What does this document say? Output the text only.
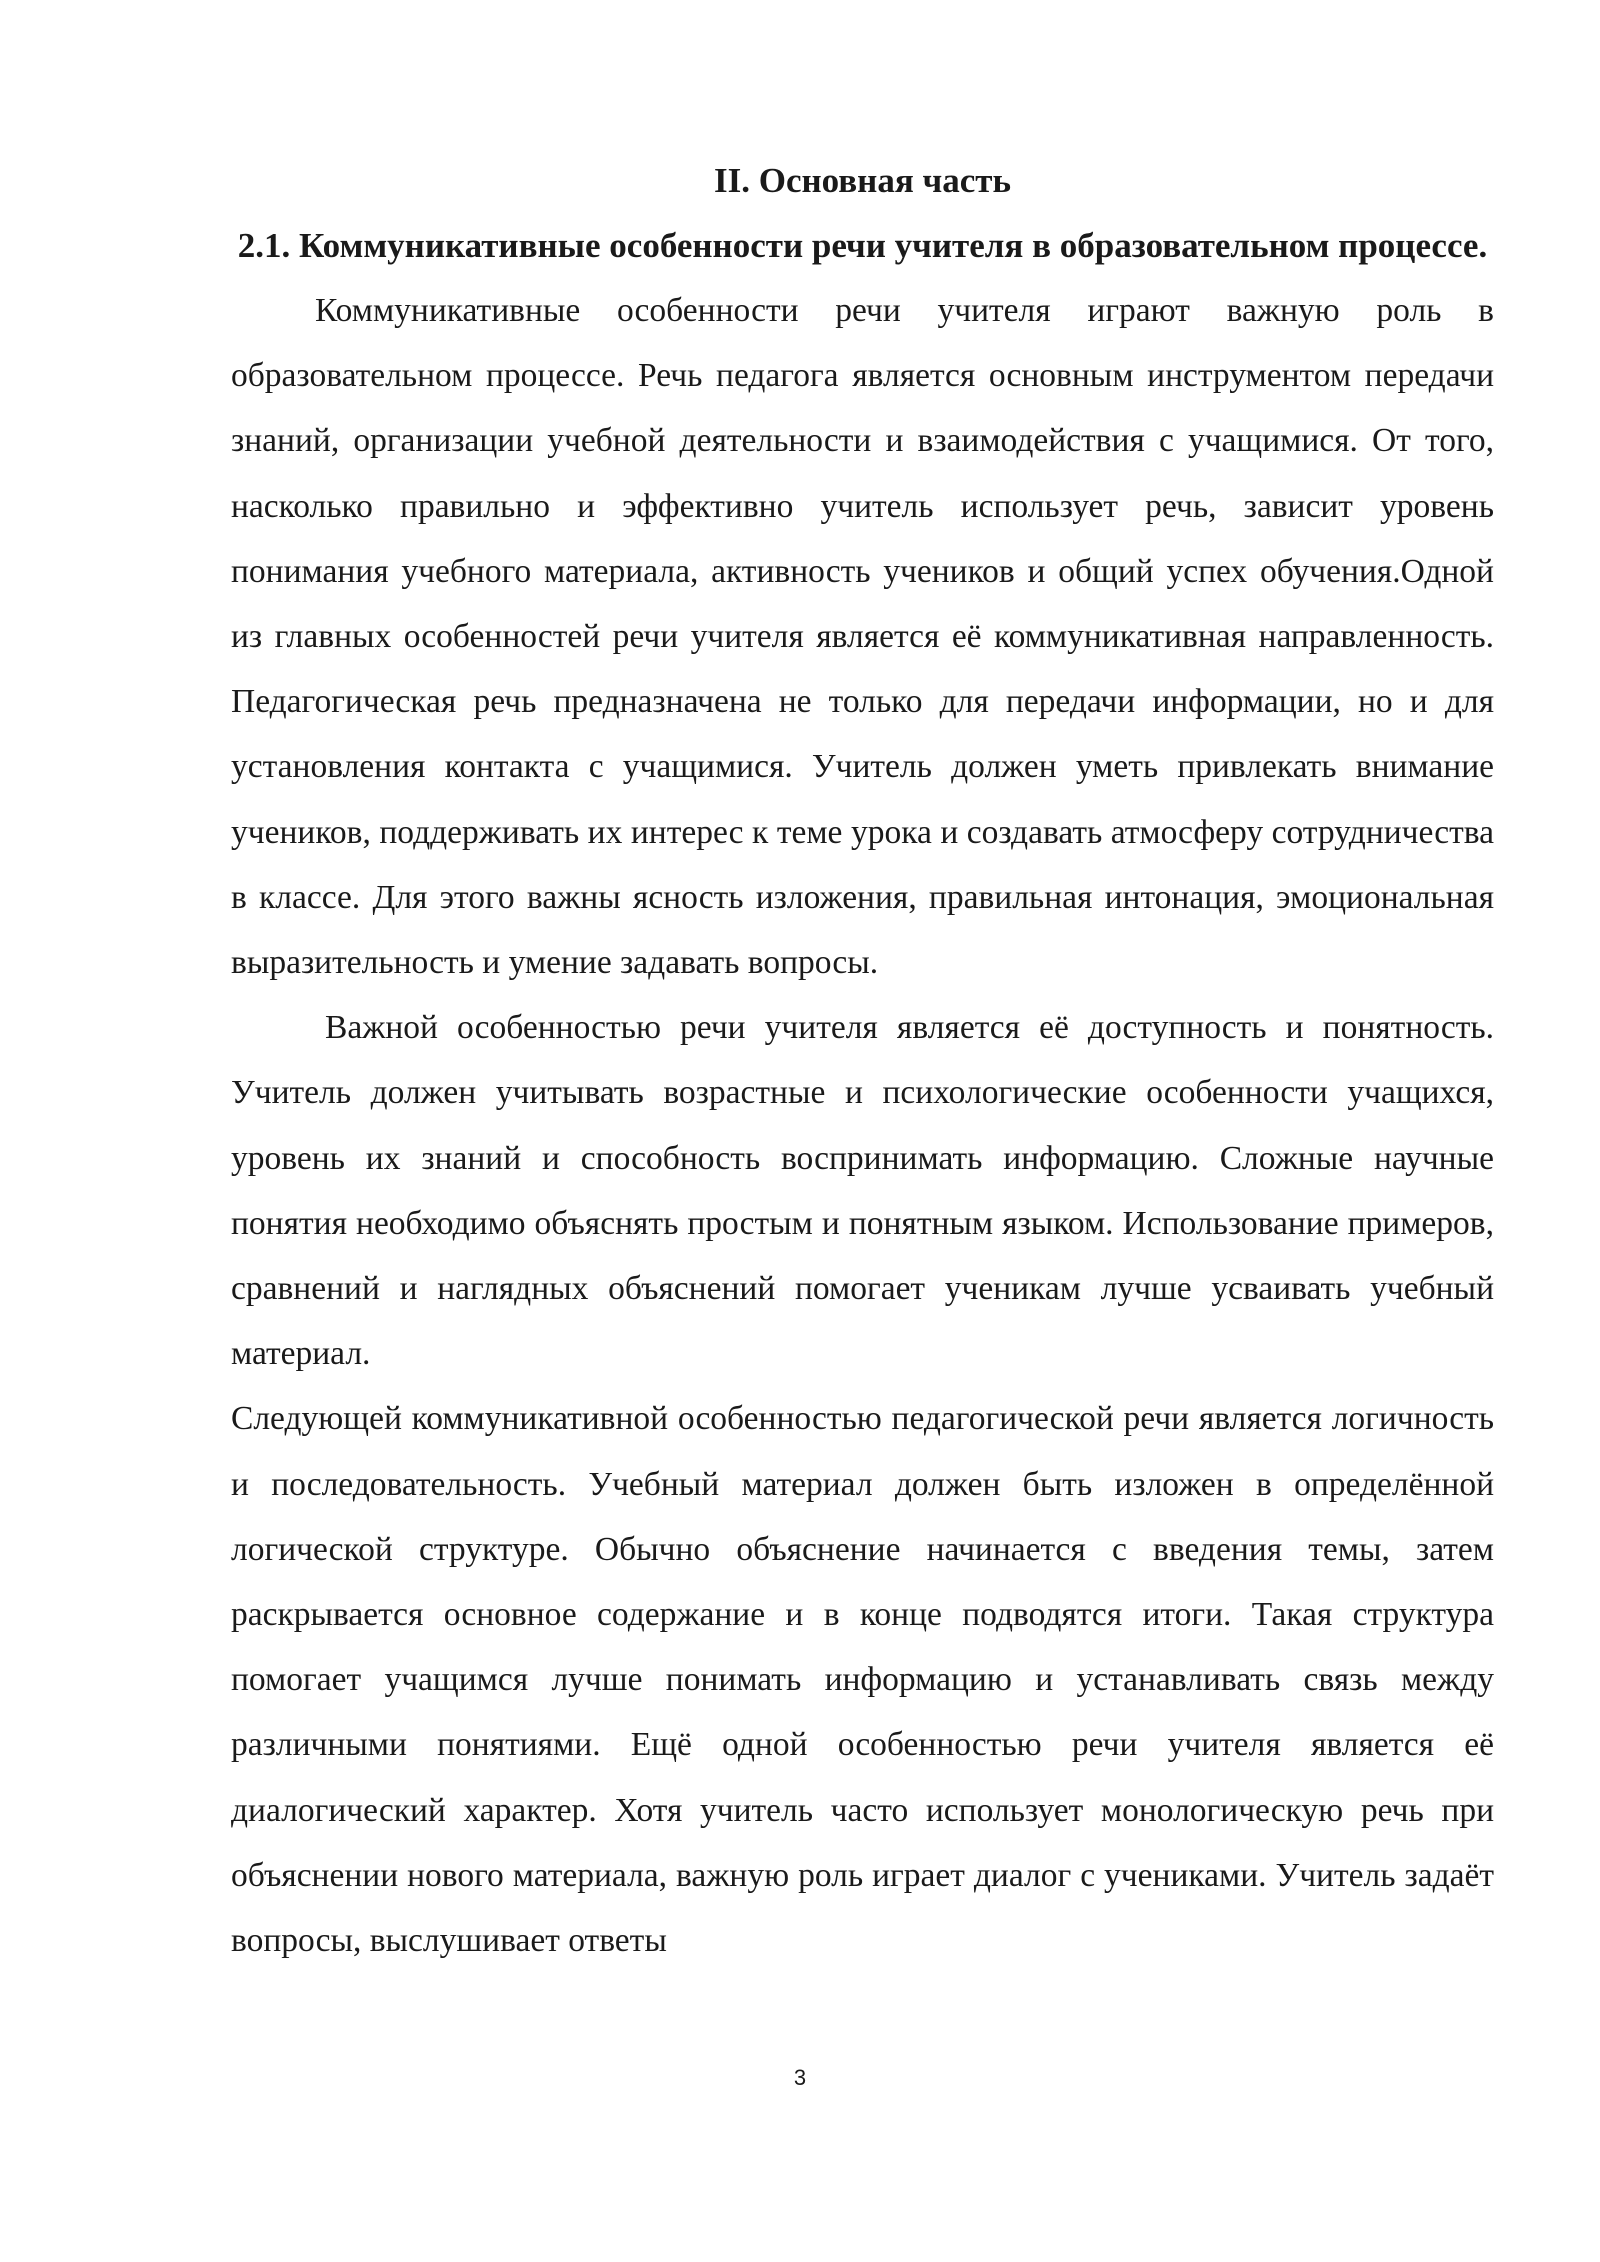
II. Основная часть
2.1. Коммуникативные особенности речи учителя в образовательном процессе.

Коммуникативные особенности речи учителя играют важную роль в образовательном процессе. Речь педагога является основным инструментом передачи знаний, организации учебной деятельности и взаимодействия с учащимися. От того, насколько правильно и эффективно учитель использует речь, зависит уровень понимания учебного материала, активность учеников и общий успех обучения.Одной из главных особенностей речи учителя является её коммуникативная направленность. Педагогическая речь предназначена не только для передачи информации, но и для установления контакта с учащимися. Учитель должен уметь привлекать внимание учеников, поддерживать их интерес к теме урока и создавать атмосферу сотрудничества в классе. Для этого важны ясность изложения, правильная интонация, эмоциональная выразительность и умение задавать вопросы.

Важной особенностью речи учителя является её доступность и понятность. Учитель должен учитывать возрастные и психологические особенности учащихся, уровень их знаний и способность воспринимать информацию. Сложные научные понятия необходимо объяснять простым и понятным языком. Использование примеров, сравнений и наглядных объяснений помогает ученикам лучше усваивать учебный материал.

Следующей коммуникативной особенностью педагогической речи является логичность и последовательность. Учебный материал должен быть изложен в определённой логической структуре. Обычно объяснение начинается с введения темы, затем раскрывается основное содержание и в конце подводятся итоги. Такая структура помогает учащимся лучше понимать информацию и устанавливать связь между различными понятиями. Ещё одной особенностью речи учителя является её диалогический характер. Хотя учитель часто использует монологическую речь при объяснении нового материала, важную роль играет диалог с учениками. Учитель задаёт вопросы, выслушивает ответы

3
